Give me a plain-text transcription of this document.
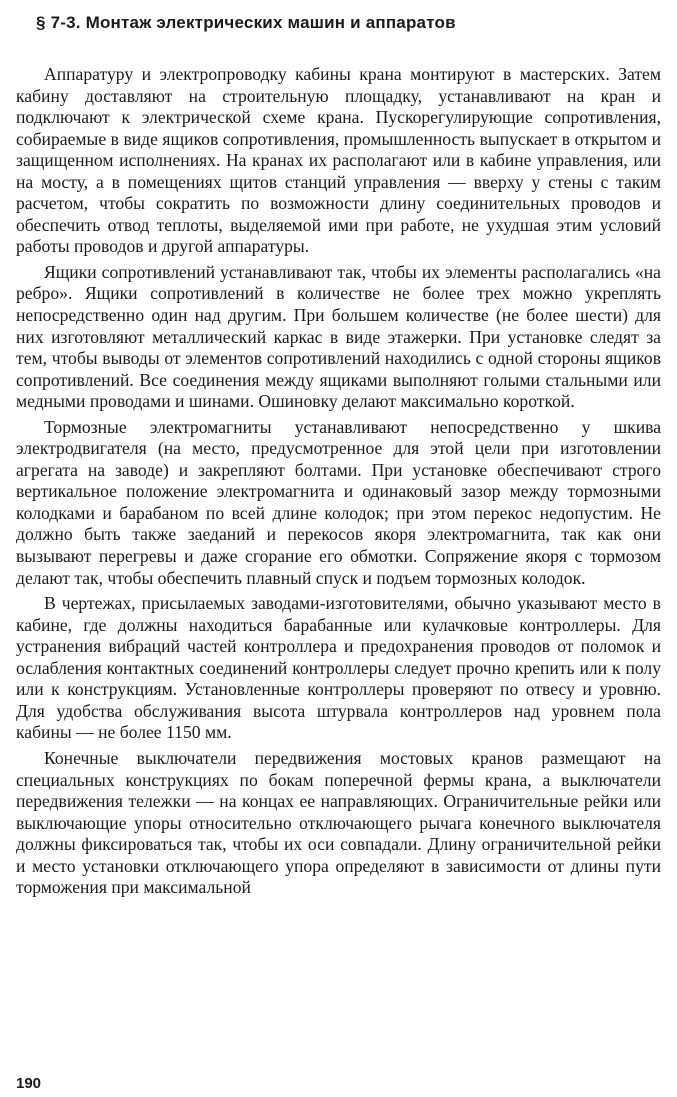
§ 7-3. Монтаж электрических машин и аппаратов

Аппаратуру и электропроводку кабины крана монтируют в мастерских. Затем кабину доставляют на строительную площадку, устанавливают на кран и подключают к электрической схеме крана. Пускорегулирующие сопротивления, собираемые в виде ящиков сопротивления, промышленность выпускает в открытом и защищенном исполнениях. На кранах их располагают или в кабине управления, или на мосту, а в помещениях щитов станций управления — вверху у стены с таким расчетом, чтобы сократить по возможности длину соединительных проводов и обеспечить отвод теплоты, выделяемой ими при работе, не ухудшая этим условий работы проводов и другой аппаратуры.

Ящики сопротивлений устанавливают так, чтобы их элементы располагались «на ребро». Ящики сопротивлений в количестве не более трех можно укреплять непосредственно один над другим. При большем количестве (не более шести) для них изготовляют металлический каркас в виде этажерки. При установке следят за тем, чтобы выводы от элементов сопротивлений находились с одной стороны ящиков сопротивлений. Все соединения между ящиками выполняют голыми стальными или медными проводами и шинами. Ошиновку делают максимально короткой.

Тормозные электромагниты устанавливают непосредственно у шкива электродвигателя (на место, предусмотренное для этой цели при изготовлении агрегата на заводе) и закрепляют болтами. При установке обеспечивают строго вертикальное положение электромагнита и одинаковый зазор между тормозными колодками и барабаном по всей длине колодок; при этом перекос недопустим. Не должно быть также заеданий и перекосов якоря электромагнита, так как они вызывают перегревы и даже сгорание его обмотки. Сопряжение якоря с тормозом делают так, чтобы обеспечить плавный спуск и подъем тормозных колодок.

В чертежах, присылаемых заводами-изготовителями, обычно указывают место в кабине, где должны находиться барабанные или кулачковые контроллеры. Для устранения вибраций частей контроллера и предохранения проводов от поломок и ослабления контактных соединений контроллеры следует прочно крепить или к полу или к конструкциям. Установленные контроллеры проверяют по отвесу и уровню. Для удобства обслуживания высота штурвала контроллеров над уровнем пола кабины — не более 1150 мм.

Конечные выключатели передвижения мостовых кранов размещают на специальных конструкциях по бокам поперечной фермы крана, а выключатели передвижения тележки — на концах ее направляющих. Ограничительные рейки или выключающие упоры относительно отключающего рычага конечного выключателя должны фиксироваться так, чтобы их оси совпадали. Длину ограничительной рейки и место установки отключающего упора определяют в зависимости от длины пути торможения при максимальной

190
